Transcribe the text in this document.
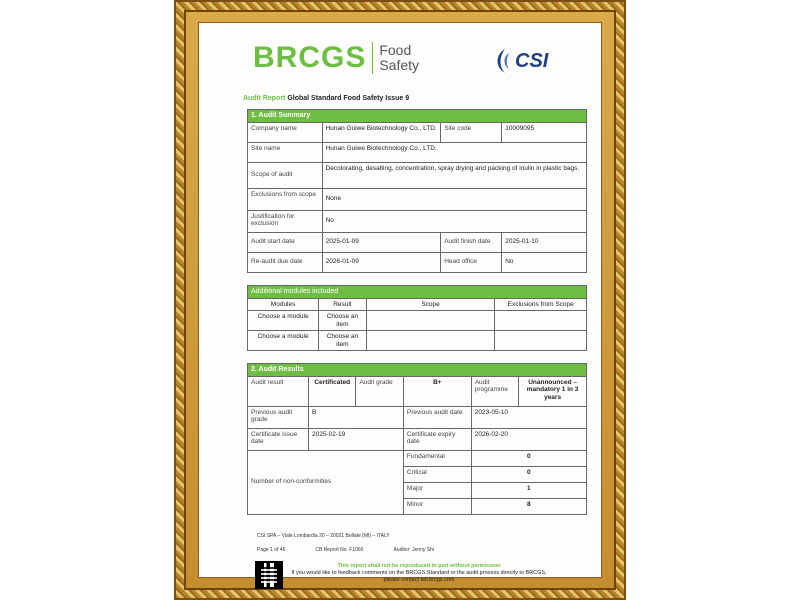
BRCGS Food
Safety	CSI
Audit Report Global Standard Food Safety Issue 9
1. Audit Summary			
Company name	Hunan Guiwe Biotechnology Co., LTD.	Site code	10009095
Site name	Hunan Guiwe Biotechnology Co., LTD.		
Scope of audit	Decolorating, desalting, concentration, spray drying and packing of inulin in plastic bags.		
Exclusions from scope	None		
Justification for exclusion	No		
Audit start date	2025-01-09	Audit finish date	2025-01-10
Re-audit due date	2026-01-09	Head office	No
Additional modules included			
Modules	Result	Scope	Exclusions from Scope
Choose a module	Choose an item		
Choose a module	Choose an item		
2. Audit Results					
Audit result	Certificated	Audit grade	B+	Audit programme	Unannounced – mandatory 1 in 3 years
Previous audit grade	B		Previous audit date	2023-05-10	
Certificate issue date	2025-02-19		Certificate expiry date	2026-02-20	
Number of non-conformities			Fundamental	0	
			Critical	0	
			Major	1	
			Minor	8	
CSI SPA – Viale Lombardia 20 – 20021 Bollate (MI) – ITALY
Page 1 of 46	CB Report No. F1060	Auditor: Jenny Shi
This report shall not be reproduced in part without permission
If you would like to feedback comments on the BRCGS Standard or the audit process directly to BRCGS, please contact tell.brcgs.com
